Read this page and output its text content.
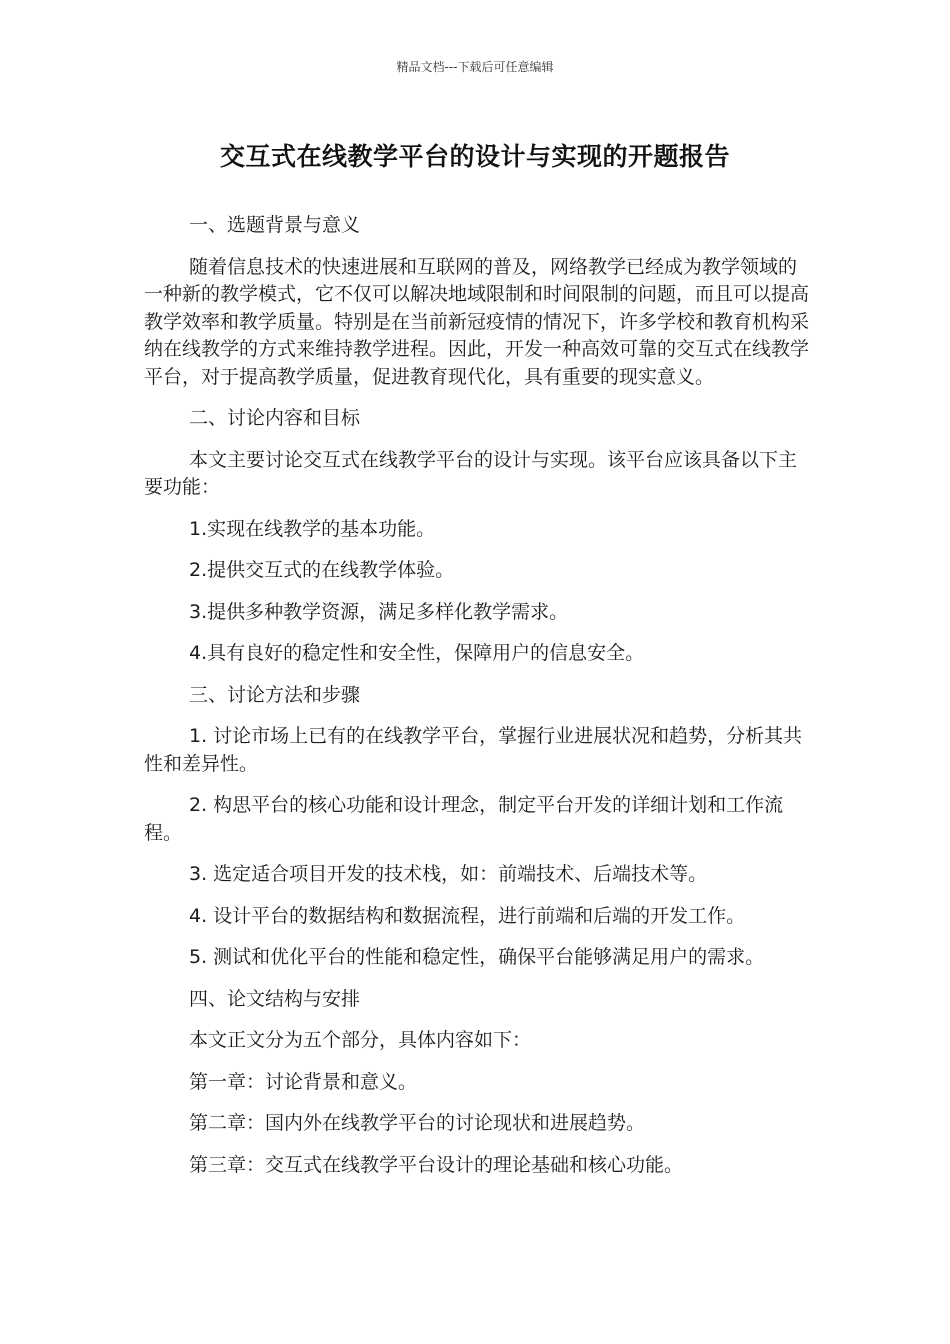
精品文档---下载后可任意编辑
交互式在线教学平台的设计与实现的开题报告

一、选题背景与意义

随着信息技术的快速进展和互联网的普及，网络教学已经成为教学领域的一种新的教学模式，它不仅可以解决地域限制和时间限制的问题，而且可以提高教学效率和教学质量。特别是在当前新冠疫情的情况下，许多学校和教育机构采纳在线教学的方式来维持教学进程。因此，开发一种高效可靠的交互式在线教学平台，对于提高教学质量，促进教育现代化，具有重要的现实意义。

二、讨论内容和目标

本文主要讨论交互式在线教学平台的设计与实现。该平台应该具备以下主要功能：

1.实现在线教学的基本功能。

2.提供交互式的在线教学体验。

3.提供多种教学资源，满足多样化教学需求。

4.具有良好的稳定性和安全性，保障用户的信息安全。

三、讨论方法和步骤

1. 讨论市场上已有的在线教学平台，掌握行业进展状况和趋势，分析其共性和差异性。

2. 构思平台的核心功能和设计理念，制定平台开发的详细计划和工作流程。

3. 选定适合项目开发的技术栈，如：前端技术、后端技术等。

4. 设计平台的数据结构和数据流程，进行前端和后端的开发工作。

5. 测试和优化平台的性能和稳定性，确保平台能够满足用户的需求。

四、论文结构与安排

本文正文分为五个部分，具体内容如下：

第一章：讨论背景和意义。

第二章：国内外在线教学平台的讨论现状和进展趋势。

第三章：交互式在线教学平台设计的理论基础和核心功能。
